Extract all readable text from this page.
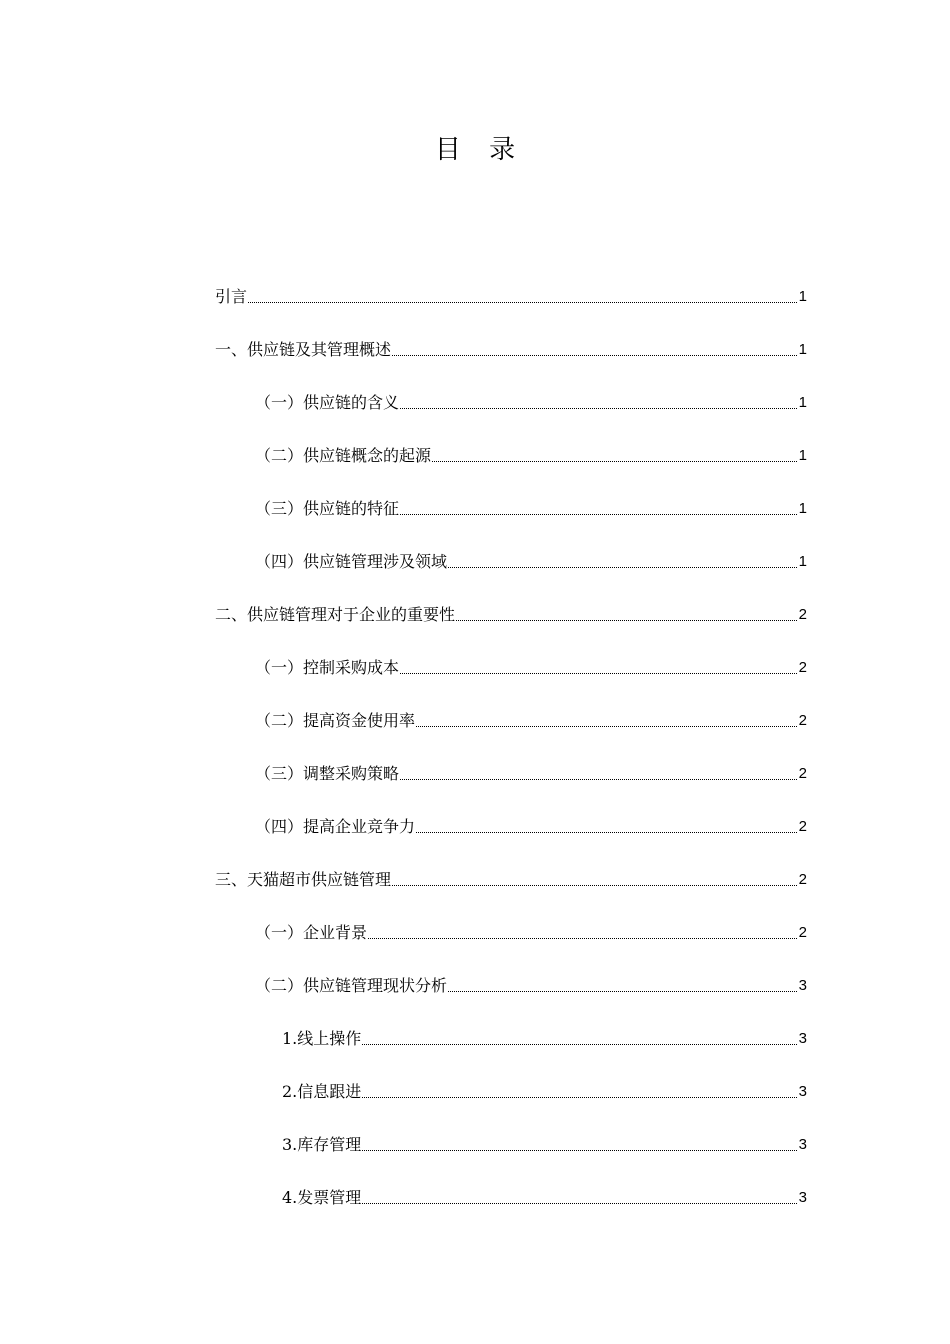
目 录
引言	1
一、供应链及其管理概述	1
（一）供应链的含义	1
（二）供应链概念的起源	1
（三）供应链的特征	1
（四）供应链管理涉及领域	1
二、供应链管理对于企业的重要性	2
（一）控制采购成本	2
（二）提高资金使用率	2
（三）调整采购策略	2
（四）提高企业竞争力	2
三、天猫超市供应链管理	2
（一）企业背景	2
（二）供应链管理现状分析	3
1.线上操作	3
2.信息跟进	3
3.库存管理	3
4.发票管理	3
